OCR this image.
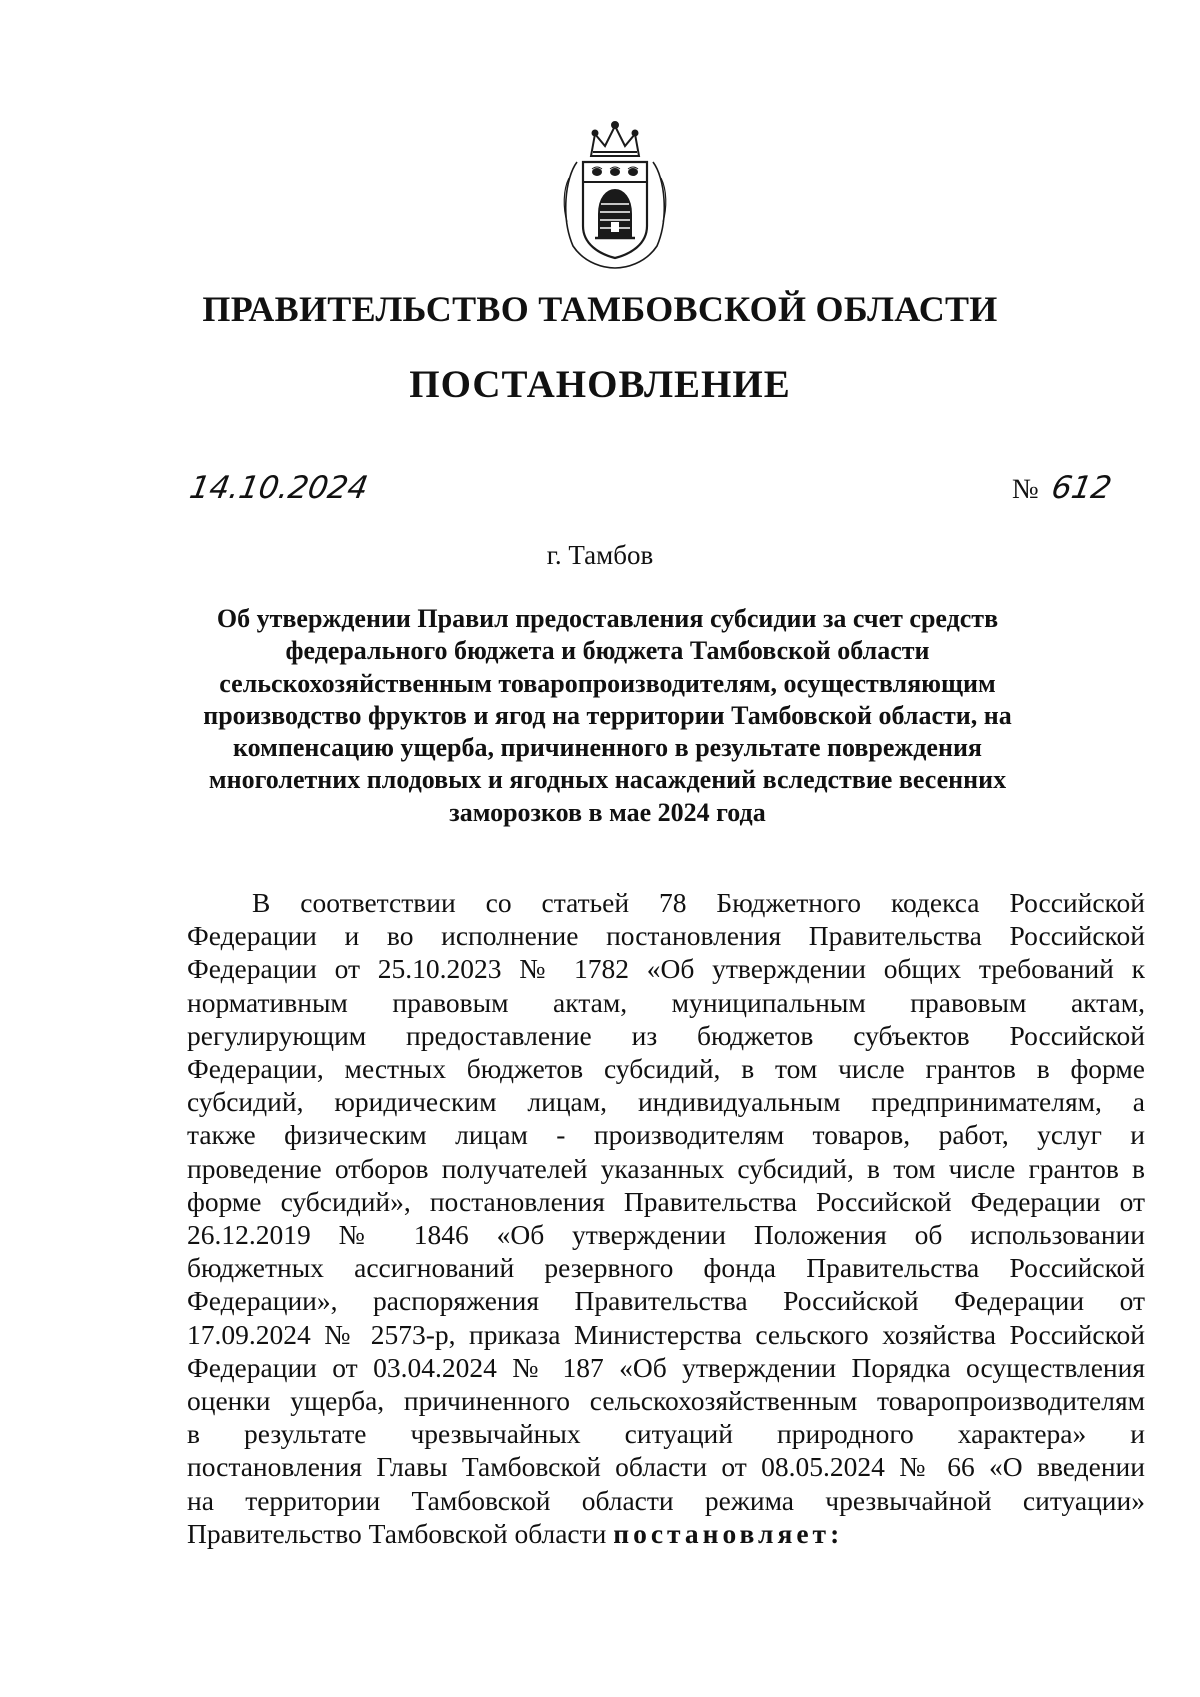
ПРАВИТЕЛЬСТВО ТАМБОВСКОЙ ОБЛАСТИ
ПОСТАНОВЛЕНИЕ
14.10.2024	№ 612
г. Тамбов
Об утверждении Правил предоставления субсидии за счет средств
федерального бюджета и бюджета Тамбовской области
сельскохозяйственным товаропроизводителям, осуществляющим
производство фруктов и ягод на территории Тамбовской области, на
компенсацию ущерба, причиненного в результате повреждения
многолетних плодовых и ягодных насаждений вследствие весенних
заморозков в мае 2024 года
В соответствии со статьей 78 Бюджетного кодекса Российской
Федерации и во исполнение постановления Правительства Российской
Федерации от 25.10.2023 № 1782 «Об утверждении общих требований к
нормативным правовым актам, муниципальным правовым актам,
регулирующим предоставление из бюджетов субъектов Российской
Федерации, местных бюджетов субсидий, в том числе грантов в форме
субсидий, юридическим лицам, индивидуальным предпринимателям, а
также физическим лицам - производителям товаров, работ, услуг и
проведение отборов получателей указанных субсидий, в том числе грантов в
форме субсидий», постановления Правительства Российской Федерации от
26.12.2019 № 1846 «Об утверждении Положения об использовании
бюджетных ассигнований резервного фонда Правительства Российской
Федерации», распоряжения Правительства Российской Федерации от
17.09.2024 № 2573-р, приказа Министерства сельского хозяйства Российской
Федерации от 03.04.2024 № 187 «Об утверждении Порядка осуществления
оценки ущерба, причиненного сельскохозяйственным товаропроизводителям
в результате чрезвычайных ситуаций природного характера» и
постановления Главы Тамбовской области от 08.05.2024 № 66 «О введении
на территории Тамбовской области режима чрезвычайной ситуации»
Правительство Тамбовской области постановляет:
